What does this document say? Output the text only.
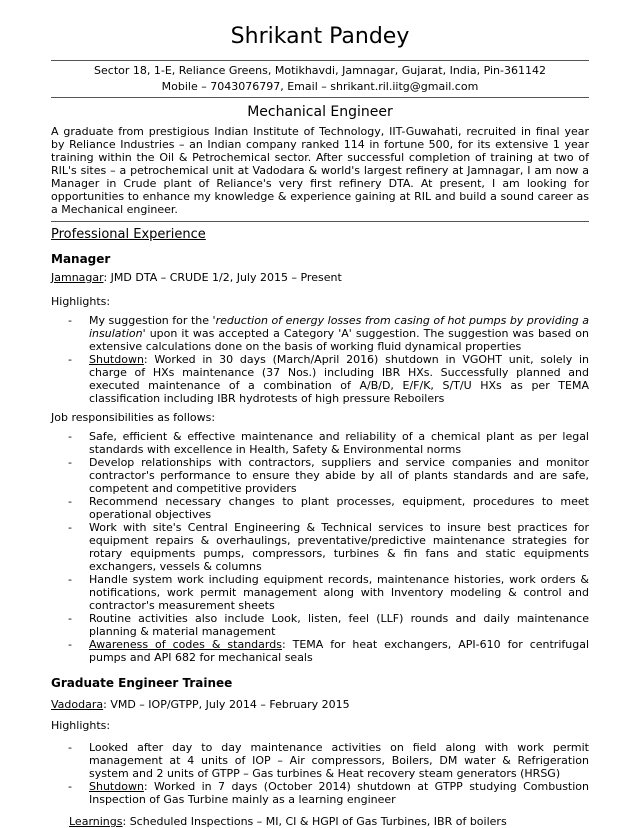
Shrikant Pandey
Sector 18, 1-E, Reliance Greens, Motikhavdi, Jamnagar, Gujarat, India, Pin-361142
Mobile – 7043076797, Email – shrikant.ril.iitg@gmail.com
Mechanical Engineer
A graduate from prestigious Indian Institute of Technology, IIT-Guwahati, recruited in final year by Reliance Industries – an Indian company ranked 114 in fortune 500, for its extensive 1 year training within the Oil & Petrochemical sector. After successful completion of training at two of RIL's sites – a petrochemical unit at Vadodara & world's largest refinery at Jamnagar, I am now a Manager in Crude plant of Reliance's very first refinery DTA. At present, I am looking for opportunities to enhance my knowledge & experience gaining at RIL and build a sound career as a Mechanical engineer.
Professional Experience
Manager
Jamnagar: JMD DTA – CRUDE 1/2, July 2015 – Present
Highlights:
- My suggestion for the 'reduction of energy losses from casing of hot pumps by providing a insulation' upon it was accepted a Category 'A' suggestion. The suggestion was based on extensive calculations done on the basis of working fluid dynamical properties
- Shutdown: Worked in 30 days (March/April 2016) shutdown in VGOHT unit, solely in charge of HXs maintenance (37 Nos.) including IBR HXs. Successfully planned and executed maintenance of a combination of A/B/D, E/F/K, S/T/U HXs as per TEMA classification including IBR hydrotests of high pressure Reboilers
Job responsibilities as follows:
- Safe, efficient & effective maintenance and reliability of a chemical plant as per legal standards with excellence in Health, Safety & Environmental norms
- Develop relationships with contractors, suppliers and service companies and monitor contractor's performance to ensure they abide by all of plants standards and are safe, competent and competitive providers
- Recommend necessary changes to plant processes, equipment, procedures to meet operational objectives
- Work with site's Central Engineering & Technical services to insure best practices for equipment repairs & overhaulings, preventative/predictive maintenance strategies for rotary equipments pumps, compressors, turbines & fin fans and static equipments exchangers, vessels & columns
- Handle system work including equipment records, maintenance histories, work orders & notifications, work permit management along with Inventory modeling & control and contractor's measurement sheets
- Routine activities also include Look, listen, feel (LLF) rounds and daily maintenance planning & material management
- Awareness of codes & standards: TEMA for heat exchangers, API-610 for centrifugal pumps and API 682 for mechanical seals
Graduate Engineer Trainee
Vadodara: VMD – IOP/GTPP, July 2014 – February 2015
Highlights:
- Looked after day to day maintenance activities on field along with work permit management at 4 units of IOP – Air compressors, Boilers, DM water & Refrigeration system and 2 units of GTPP – Gas turbines & Heat recovery steam generators (HRSG)
- Shutdown: Worked in 7 days (October 2014) shutdown at GTPP studying Combustion Inspection of Gas Turbine mainly as a learning engineer
Learnings: Scheduled Inspections – MI, CI & HGPI of Gas Turbines, IBR of boilers
